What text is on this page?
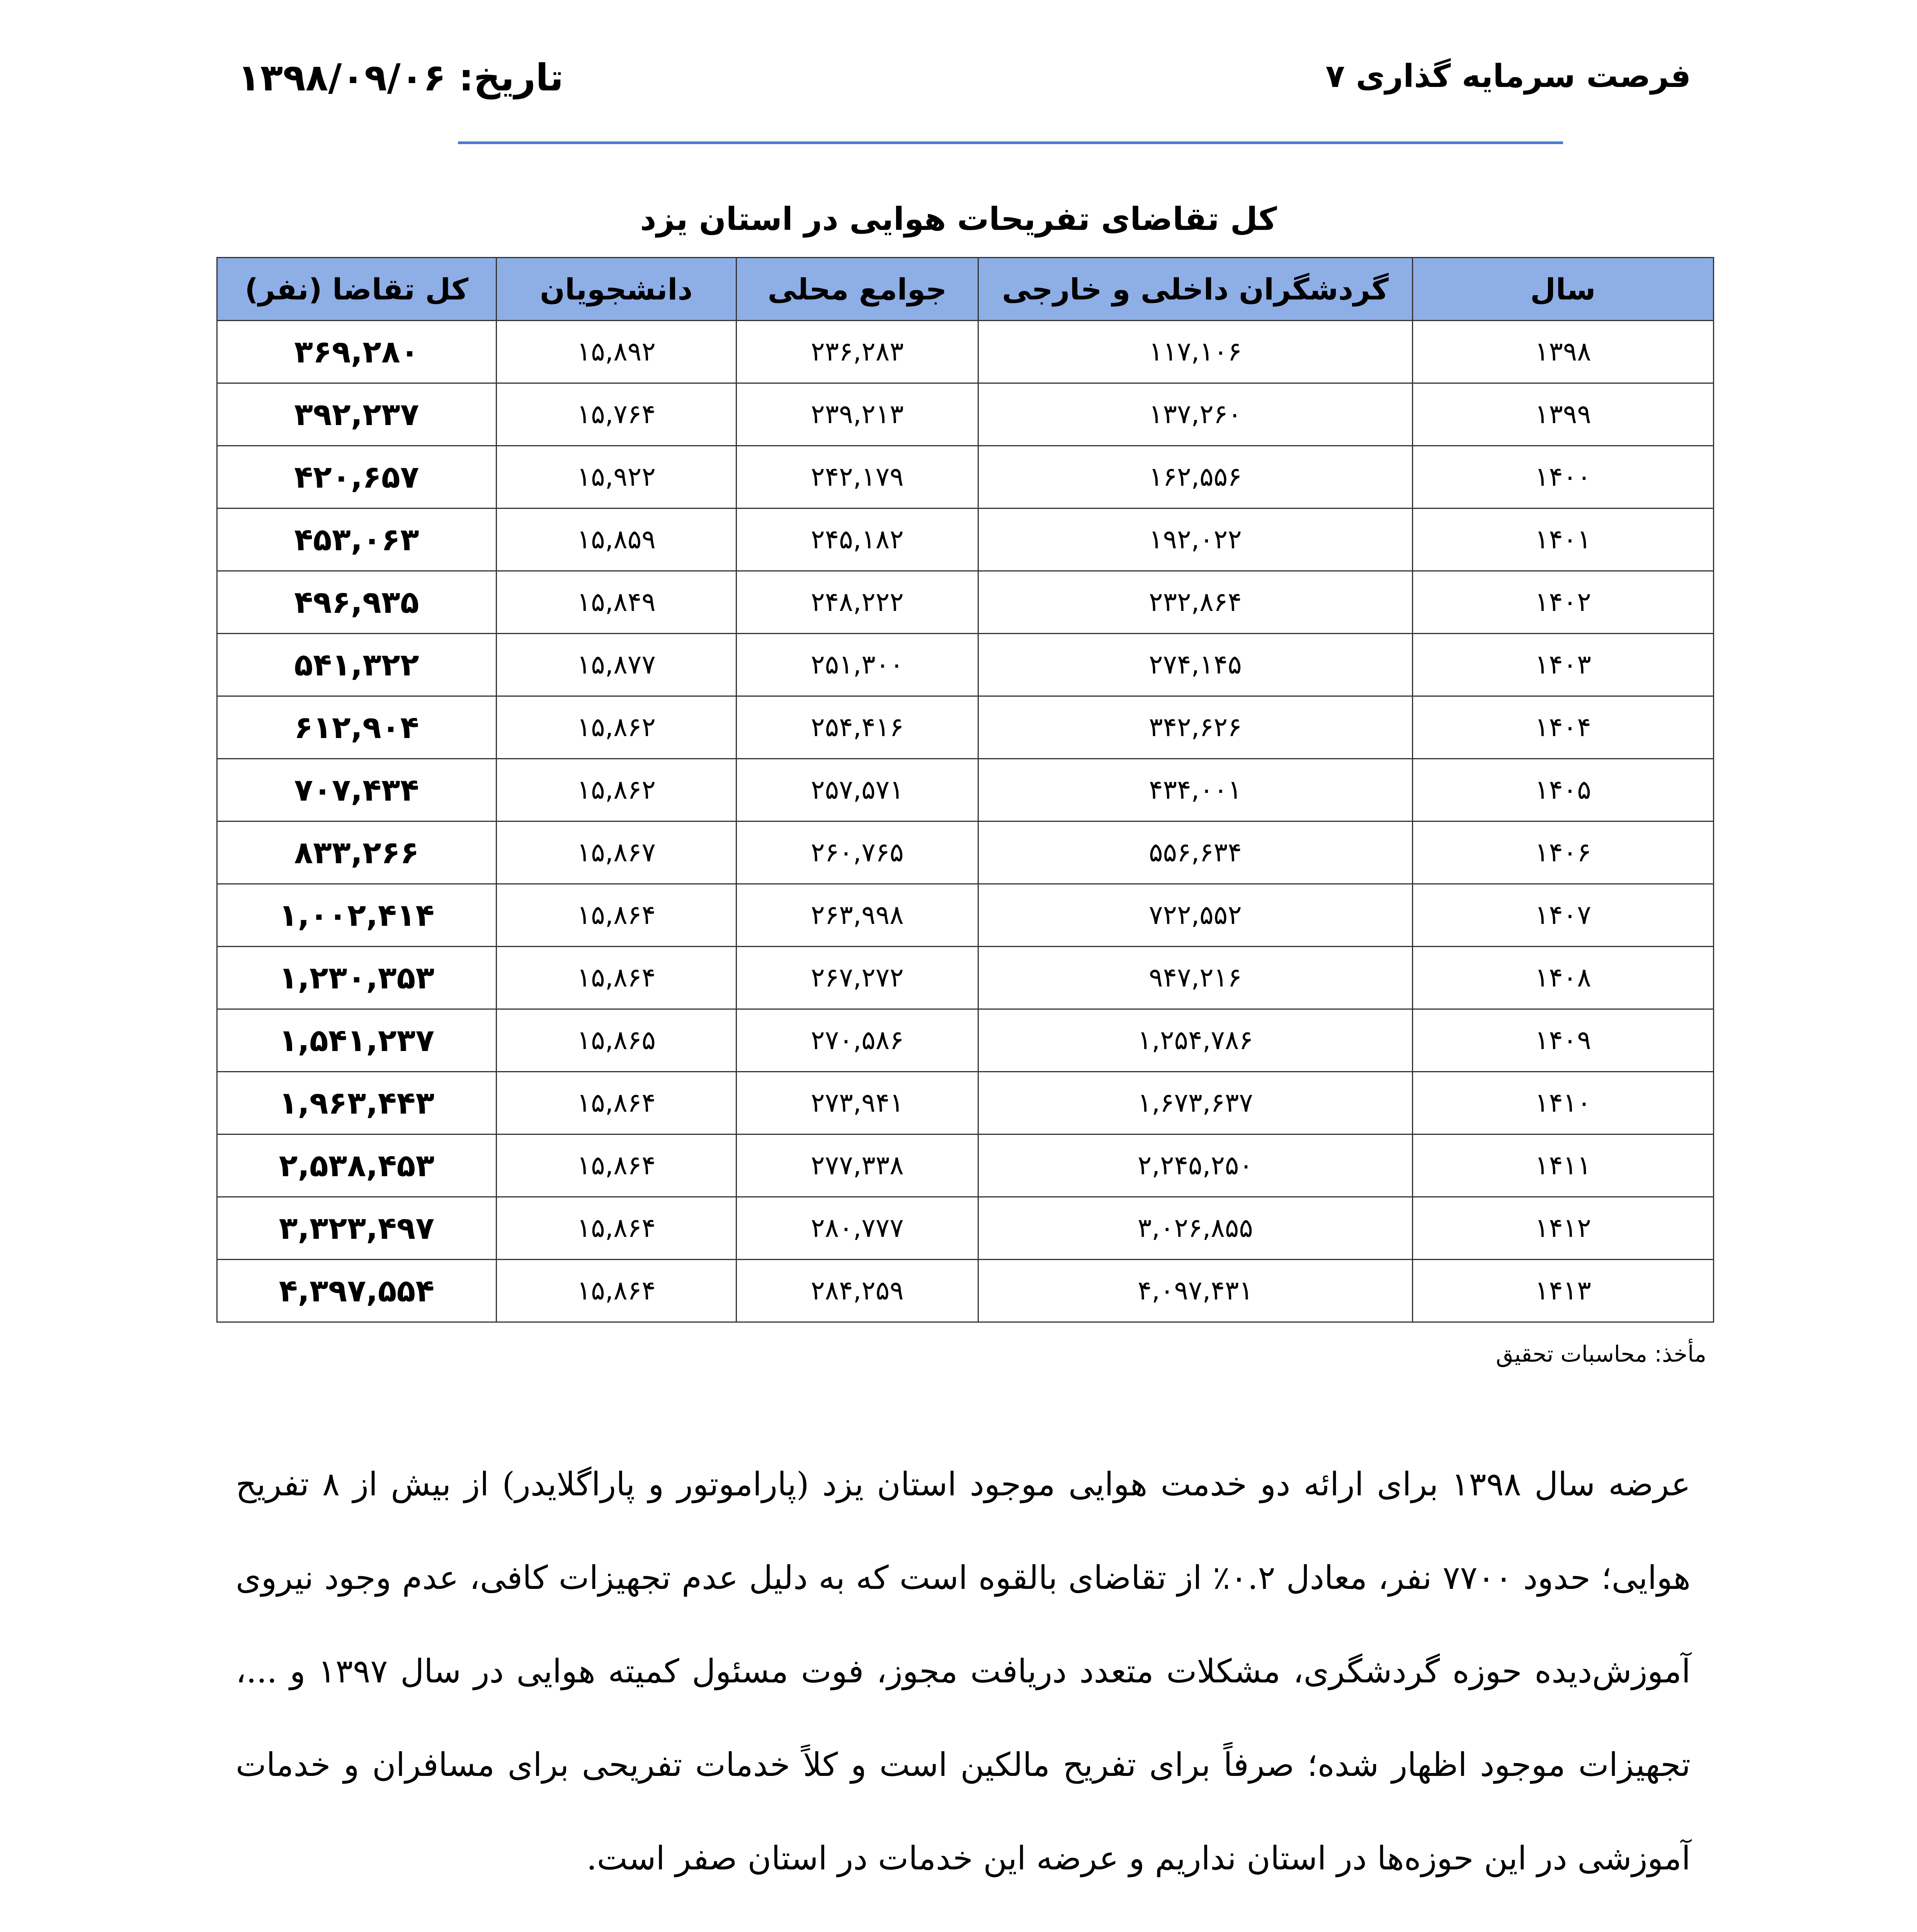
فرصت سرمایه گذاری ۷
تاریخ: ۱۳۹۸/۰۹/۰۶
کل تقاضای تفریحات هوایی در استان یزد
سال	گردشگران داخلی و خارجی	جوامع محلی	دانشجویان	کل تقاضا (نفر)
۱۳۹۸	۱۱۷,۱۰۶	۲۳۶,۲۸۳	۱۵,۸۹۲	۳۶۹,۲۸۰
۱۳۹۹	۱۳۷,۲۶۰	۲۳۹,۲۱۳	۱۵,۷۶۴	۳۹۲,۲۳۷
۱۴۰۰	۱۶۲,۵۵۶	۲۴۲,۱۷۹	۱۵,۹۲۲	۴۲۰,۶۵۷
۱۴۰۱	۱۹۲,۰۲۲	۲۴۵,۱۸۲	۱۵,۸۵۹	۴۵۳,۰۶۳
۱۴۰۲	۲۳۲,۸۶۴	۲۴۸,۲۲۲	۱۵,۸۴۹	۴۹۶,۹۳۵
۱۴۰۳	۲۷۴,۱۴۵	۲۵۱,۳۰۰	۱۵,۸۷۷	۵۴۱,۳۲۲
۱۴۰۴	۳۴۲,۶۲۶	۲۵۴,۴۱۶	۱۵,۸۶۲	۶۱۲,۹۰۴
۱۴۰۵	۴۳۴,۰۰۱	۲۵۷,۵۷۱	۱۵,۸۶۲	۷۰۷,۴۳۴
۱۴۰۶	۵۵۶,۶۳۴	۲۶۰,۷۶۵	۱۵,۸۶۷	۸۳۳,۲۶۶
۱۴۰۷	۷۲۲,۵۵۲	۲۶۳,۹۹۸	۱۵,۸۶۴	۱,۰۰۲,۴۱۴
۱۴۰۸	۹۴۷,۲۱۶	۲۶۷,۲۷۲	۱۵,۸۶۴	۱,۲۳۰,۳۵۳
۱۴۰۹	۱,۲۵۴,۷۸۶	۲۷۰,۵۸۶	۱۵,۸۶۵	۱,۵۴۱,۲۳۷
۱۴۱۰	۱,۶۷۳,۶۳۷	۲۷۳,۹۴۱	۱۵,۸۶۴	۱,۹۶۳,۴۴۳
۱۴۱۱	۲,۲۴۵,۲۵۰	۲۷۷,۳۳۸	۱۵,۸۶۴	۲,۵۳۸,۴۵۳
۱۴۱۲	۳,۰۲۶,۸۵۵	۲۸۰,۷۷۷	۱۵,۸۶۴	۳,۳۲۳,۴۹۷
۱۴۱۳	۴,۰۹۷,۴۳۱	۲۸۴,۲۵۹	۱۵,۸۶۴	۴,۳۹۷,۵۵۴
مأخذ: محاسبات تحقیق
عرضه سال ۱۳۹۸ برای ارائه دو خدمت هوایی موجود استان یزد (پاراموتور و پاراگلایدر) از بیش از ۸ تفریح هوایی؛ حدود ۷۷۰۰ نفر، معادل ۰.۲٪ از تقاضای بالقوه است که به دلیل عدم تجهیزات کافی، عدم وجود نیروی آموزش‌دیده حوزه گردشگری، مشکلات متعدد دریافت مجوز، فوت مسئول کمیته هوایی در سال ۱۳۹۷ و ...، تجهیزات موجود اظهار شده؛ صرفاً برای تفریح مالکین است و کلاً خدمات تفریحی برای مسافران و خدمات آموزشی در این حوزه‌ها در استان نداریم و عرضه این خدمات در استان صفر است.
